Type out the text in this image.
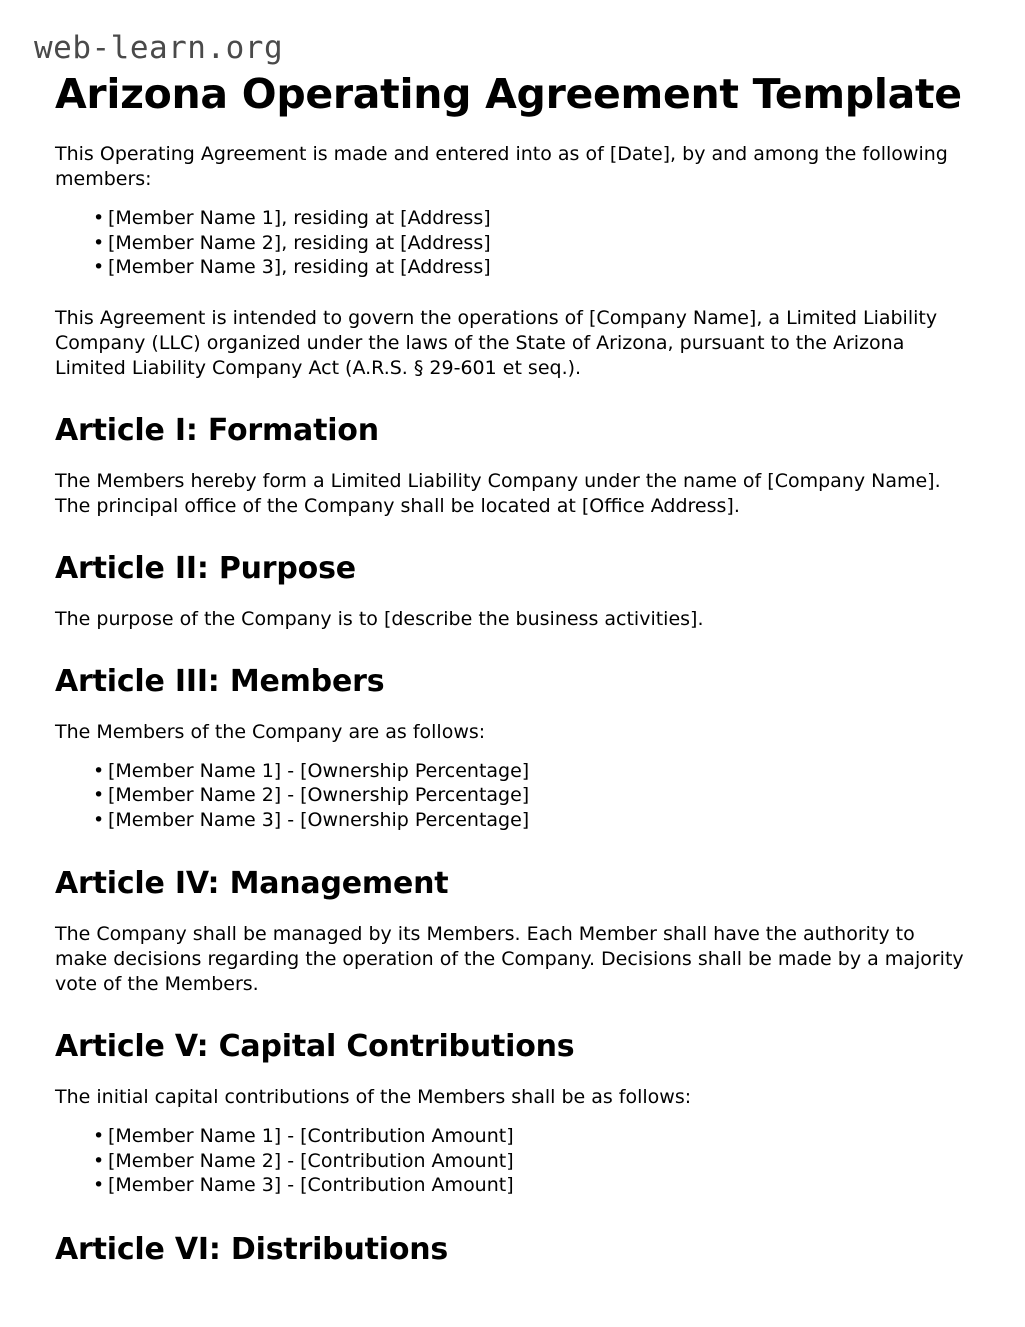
web-learn.org
Arizona Operating Agreement Template

This Operating Agreement is made and entered into as of [Date], by and among the following members:

• [Member Name 1], residing at [Address]
• [Member Name 2], residing at [Address]
• [Member Name 3], residing at [Address]

This Agreement is intended to govern the operations of [Company Name], a Limited Liability Company (LLC) organized under the laws of the State of Arizona, pursuant to the Arizona Limited Liability Company Act (A.R.S. § 29-601 et seq.).

Article I: Formation

The Members hereby form a Limited Liability Company under the name of [Company Name]. The principal office of the Company shall be located at [Office Address].

Article II: Purpose

The purpose of the Company is to [describe the business activities].

Article III: Members

The Members of the Company are as follows:

• [Member Name 1] - [Ownership Percentage]
• [Member Name 2] - [Ownership Percentage]
• [Member Name 3] - [Ownership Percentage]
Article IV: Management

The Company shall be managed by its Members. Each Member shall have the authority to make decisions regarding the operation of the Company. Decisions shall be made by a majority vote of the Members.

Article V: Capital Contributions

The initial capital contributions of the Members shall be as follows:

• [Member Name 1] - [Contribution Amount]
• [Member Name 2] - [Contribution Amount]
• [Member Name 3] - [Contribution Amount]
Article VI: Distributions
